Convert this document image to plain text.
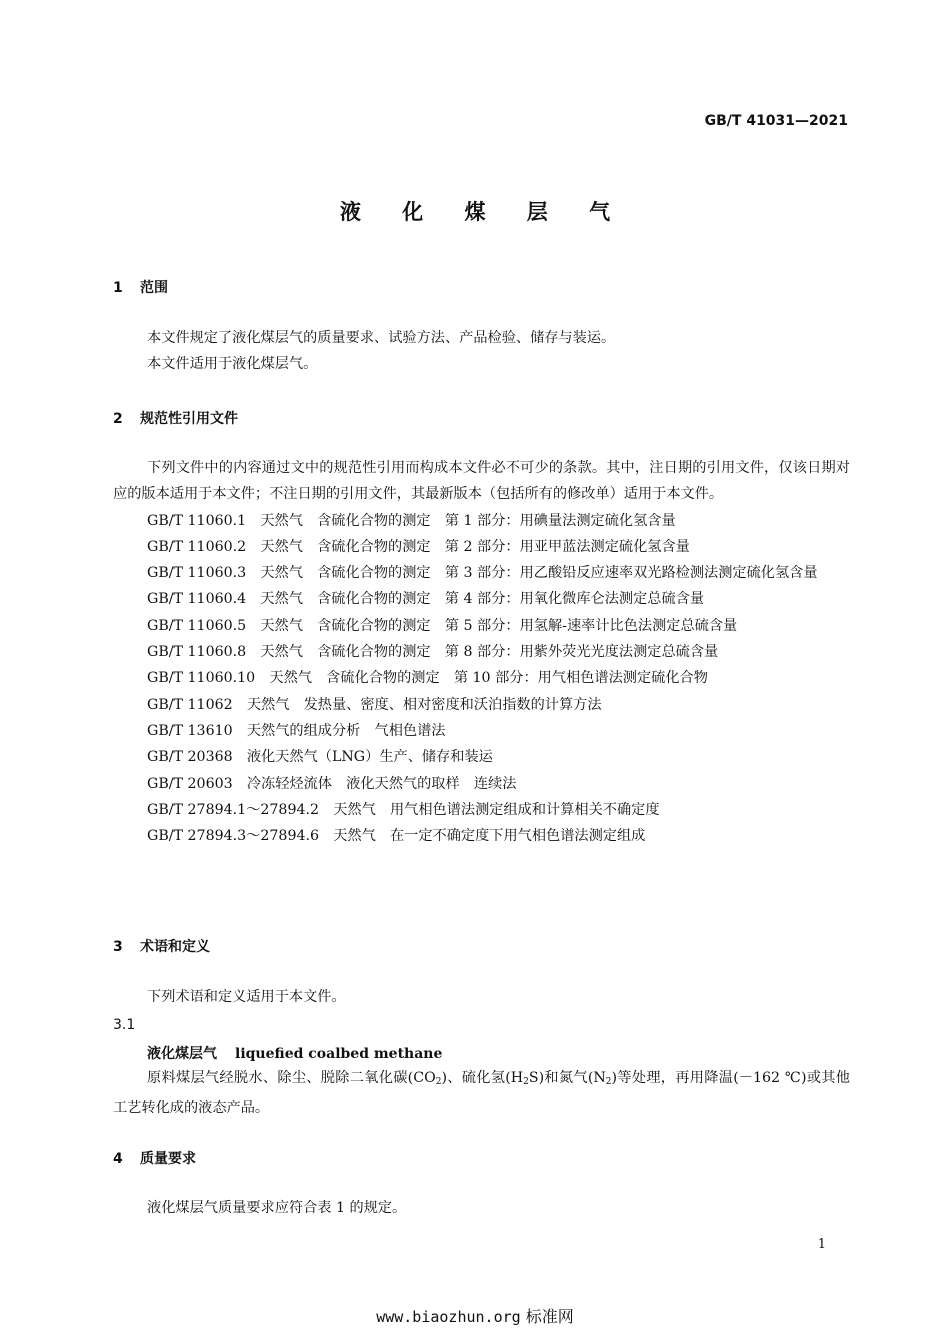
GB/T 41031—2021
液 化 煤 层 气
1 范围

本文件规定了液化煤层气的质量要求、试验方法、产品检验、储存与装运。

本文件适用于液化煤层气。

2 规范性引用文件

下列文件中的内容通过文中的规范性引用而构成本文件必不可少的条款。其中，注日期的引用文件，仅该日期对应的版本适用于本文件；不注日期的引用文件，其最新版本（包括所有的修改单）适用于本文件。

GB/T 11060.1　天然气　含硫化合物的测定　第 1 部分：用碘量法测定硫化氢含量

GB/T 11060.2　天然气　含硫化合物的测定　第 2 部分：用亚甲蓝法测定硫化氢含量

GB/T 11060.3　天然气　含硫化合物的测定　第 3 部分：用乙酸铅反应速率双光路检测法测定硫化氢含量

GB/T 11060.4　天然气　含硫化合物的测定　第 4 部分：用氧化微库仑法测定总硫含量

GB/T 11060.5　天然气　含硫化合物的测定　第 5 部分：用氢解-速率计比色法测定总硫含量

GB/T 11060.8　天然气　含硫化合物的测定　第 8 部分：用紫外荧光光度法测定总硫含量

GB/T 11060.10　天然气　含硫化合物的测定　第 10 部分：用气相色谱法测定硫化合物

GB/T 11062　天然气　发热量、密度、相对密度和沃泊指数的计算方法

GB/T 13610　天然气的组成分析　气相色谱法

GB/T 20368　液化天然气（LNG）生产、储存和装运

GB/T 20603　冷冻轻烃流体　液化天然气的取样　连续法

GB/T 27894.1～27894.2　天然气　用气相色谱法测定组成和计算相关不确定度

GB/T 27894.3～27894.6　天然气　在一定不确定度下用气相色谱法测定组成

3 术语和定义

下列术语和定义适用于本文件。

3.1
液化煤层气 liquefied coalbed methane

原料煤层气经脱水、除尘、脱除二氧化碳$(CO_2)$、硫化氢$(H_2S)$和氮气$(N_2)$等处理，再用降温(－162 ℃)或其他工艺转化成的液态产品。

4 质量要求

液化煤层气质量要求应符合表 1 的规定。

1
www.biaozhun.org 标准网
